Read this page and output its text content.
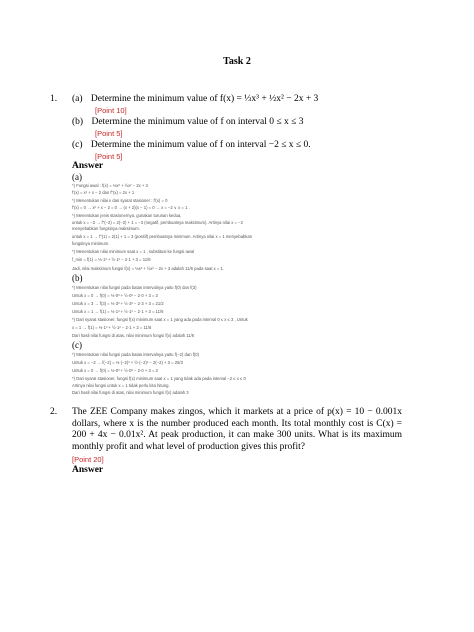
Task 2
1. (a) Determine the minimum value of f(x) = ⅓x³ + ½x² − 2x + 3
[Point 10]
(b) Determine the minimum value of f on interval 0 ≤ x ≤ 3
[Point 5]
(c) Determine the minimum value of f on interval −2 ≤ x ≤ 0.
[Point 5]
Answer
(a)
*) Fungsi awal : f(x) = ⅓x³ + ½x² − 2x + 3
f′(x) = x² + x − 2 dan f″(x) = 2x + 1
*) Menentukan nilai x dari syarat stasioner : f′(x) = 0
f′(x) = 0 → x² + x − 2 = 0 → (x + 2)(x − 1) = 0 → x = −2 ∨ x = 1 .
*) Menentukan jenis stasionernya, gunakan turunan kedua,
untuk x = −2 → f″(−2) = 2(−2) + 1 = −3 (negatif, pembuatnya maksimum). Artinya nilai x = −2
menyebabkan fungsinya maksimum.
untuk x = 1 → f″(1) = 2(1) + 1 = 3 (positif) pembuatnya minimum. Artinya nilai x = 1 menyebabkan
fungsinya minimum.
*) Menentukan nilai minimum saat x = 1 , substitusi ke fungsi awal
f_min = f(1) = ⅓·1³ + ½·1² − 2·1 + 3 = 11/6
Jadi, nilai maksimum fungsi f(x) = ⅓x³ + ½x² − 2x + 3 adalah 11/6 pada saat x = 1.
(b)
*) Menentukan nilai fungsi pada batas intervalnya yaitu f(0) dan f(3)
Untuk x = 0 → f(0) = ⅓·0³ + ½·0² − 2·0 + 3 = 3
Untuk x = 3 → f(3) = ⅓·3³ + ½·3² − 2·3 + 3 = 21/2
Untuk x = 1 → f(1) = ⅓·1³ + ½·1² − 2·1 + 3 = 11/6
*) Dari syarat stasioner, fungsi f(x) minimum saat x = 1 yang ada pada interval 0 ≤ x ≤ 3 , Untuk
x = 1 → f(1) = ⅓·1³ + ½·1² − 2·1 + 3 = 11/6
Dari hasil nilai fungsi di atas, nilai minimum fungsi f(x) adalah 11/6
(c)
*) Menentukan nilai fungsi pada batas intervalnya yaitu f(−2) dan f(0)
Untuk x = −2 → f(−2) = ⅓·(−2)³ + ½·(−2)² − 2(−2) + 3 = 25/3
Untuk x = 0 → f(0) = ⅓·0³ + ½·0² − 2·0 + 3 = 3
*) Dari syarat stasioner, fungsi f(x) minimum saat x = 1 yang tidak ada pada interval −2 ≤ x ≤ 0
Artinya nilai fungsi untuk x = 1 tidak perlu kita hitung.
Dari hasil nilai fungsi di atas, nilai minimum fungsi f(x) adalah 3
2. The ZEE Company makes zingos, which it markets at a price of p(x) = 10 − 0.001x dollars, where x is the number produced each month. Its total monthly cost is C(x) = 200 + 4x − 0.01x². At peak production, it can make 300 units. What is its maximum monthly profit and what level of production gives this profit?
[Point 20]
Answer
